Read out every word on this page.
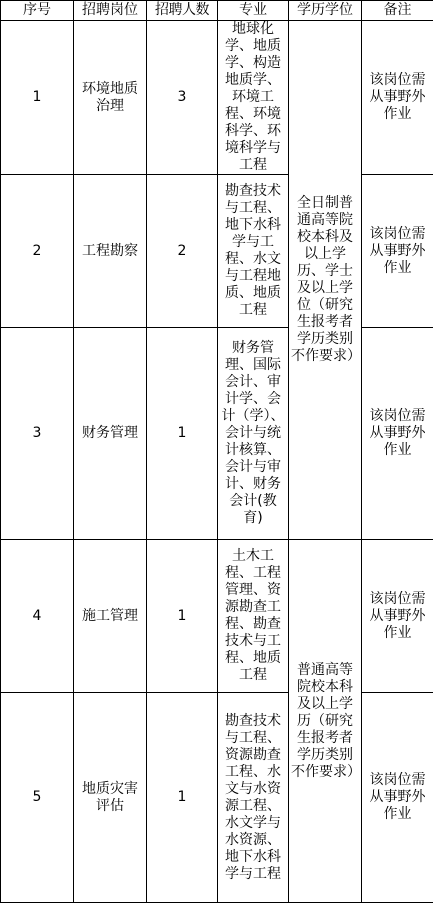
序号	招聘岗位	招聘人数	专业	学历学位	备注
1	环境地质治理	3	地球化学、地质学、构造地质学、环境工程、环境科学、环境科学与工程	全日制普通高等院校本科及以上学历、学士及以上学位（研究生报考者学历类别不作要求）	该岗位需从事野外作业
2	工程勘察	2	勘查技术与工程、地下水科学与工程、水文与工程地质、地质工程		该岗位需从事野外作业
3	财务管理	1	财务管理、国际会计、审计学、会计（学）、会计与统计核算、会计与审计、财务会计(教育)		该岗位需从事野外作业
4	施工管理	1	土木工程、工程管理、资源勘查工程、勘查技术与工程、地质工程	普通高等院校本科及以上学历（研究生报考者学历类别不作要求）	该岗位需从事野外作业
5	地质灾害评估	1	勘查技术与工程、资源勘查工程、水文与水资源工程、水文学与水资源、地下水科学与工程		该岗位需从事野外作业
